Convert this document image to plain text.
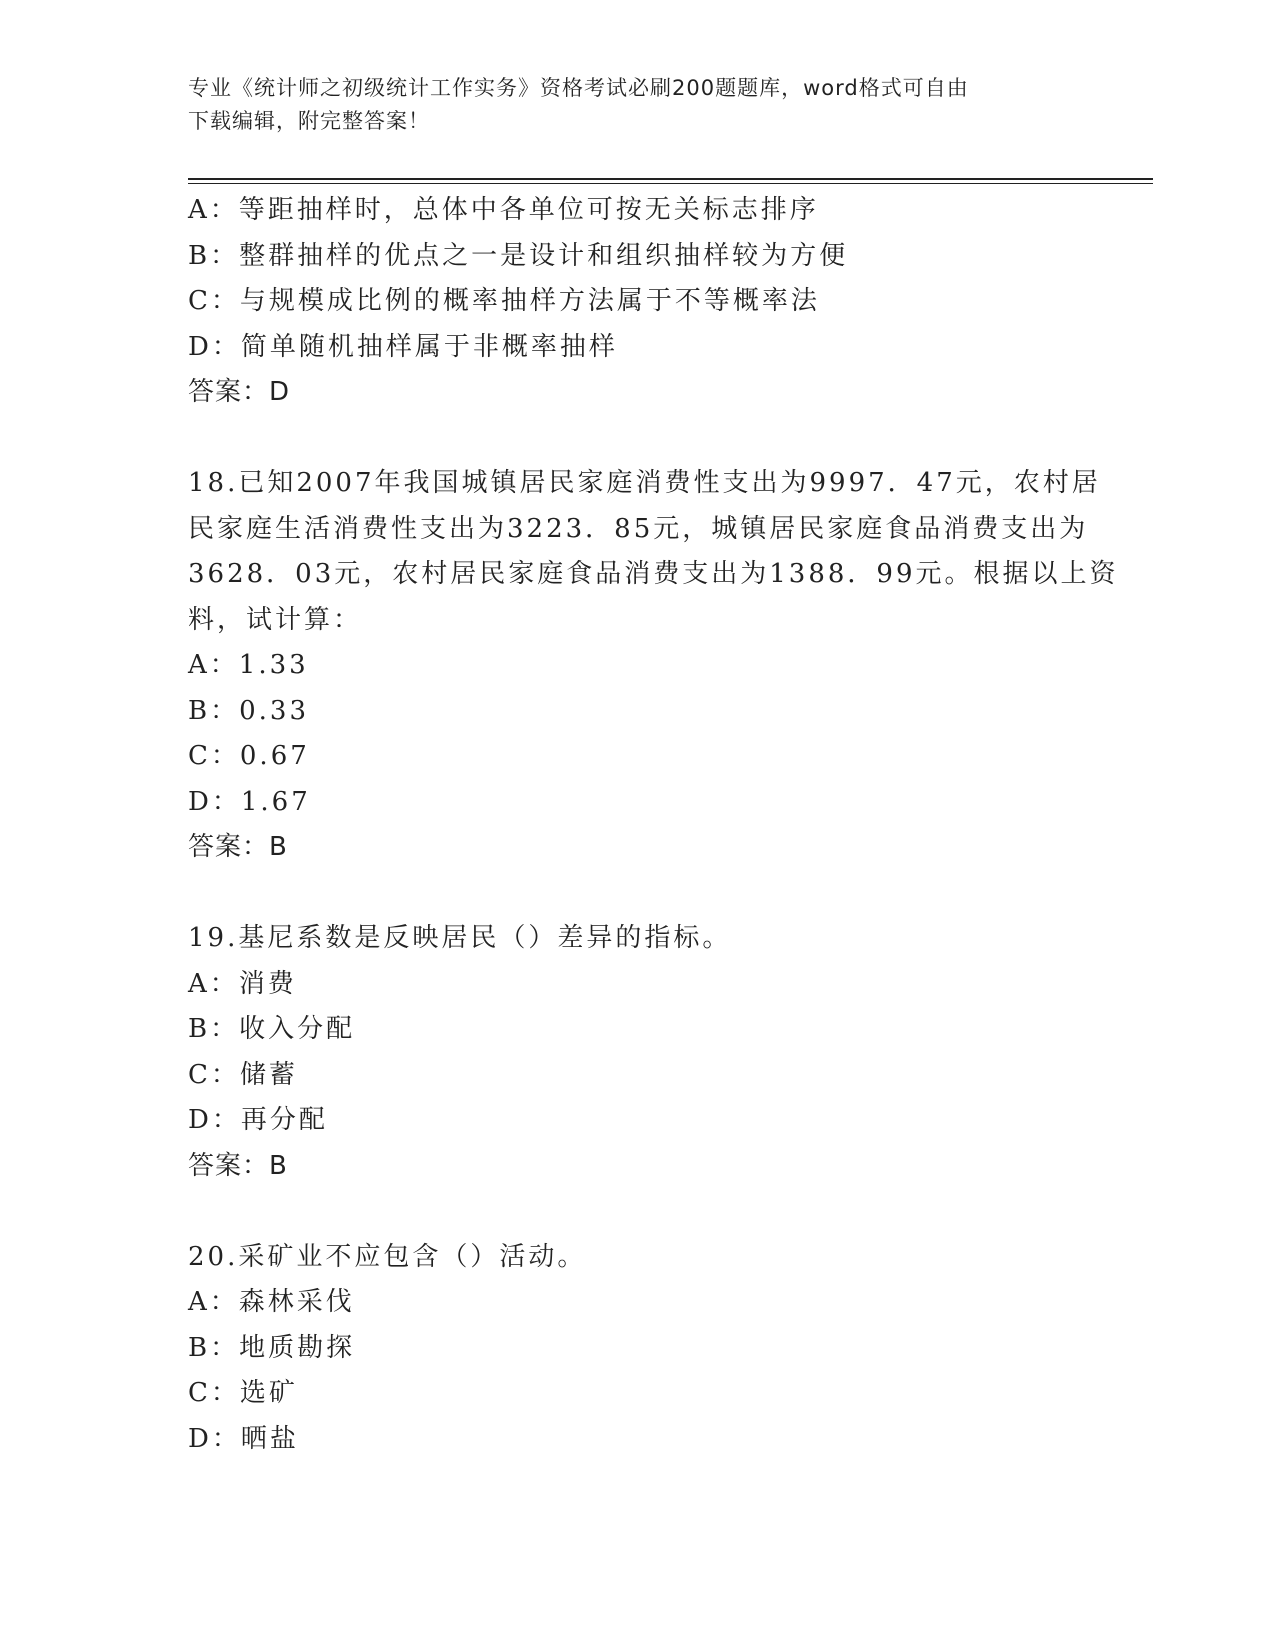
专业《统计师之初级统计工作实务》资格考试必刷200题题库，word格式可自由
下载编辑，附完整答案！
A：等距抽样时，总体中各单位可按无关标志排序
B：整群抽样的优点之一是设计和组织抽样较为方便
C：与规模成比例的概率抽样方法属于不等概率法
D：简单随机抽样属于非概率抽样
答案：D
18.已知2007年我国城镇居民家庭消费性支出为9997．47元，农村居
民家庭生活消费性支出为3223．85元，城镇居民家庭食品消费支出为
3628．03元，农村居民家庭食品消费支出为1388．99元。根据以上资
料，试计算：
A：1.33
B：0.33
C：0.67
D：1.67
答案：B
19.基尼系数是反映居民（）差异的指标。
A：消费
B：收入分配
C：储蓄
D：再分配
答案：B
20.采矿业不应包含（）活动。
A：森林采伐
B：地质勘探
C：选矿
D：晒盐
